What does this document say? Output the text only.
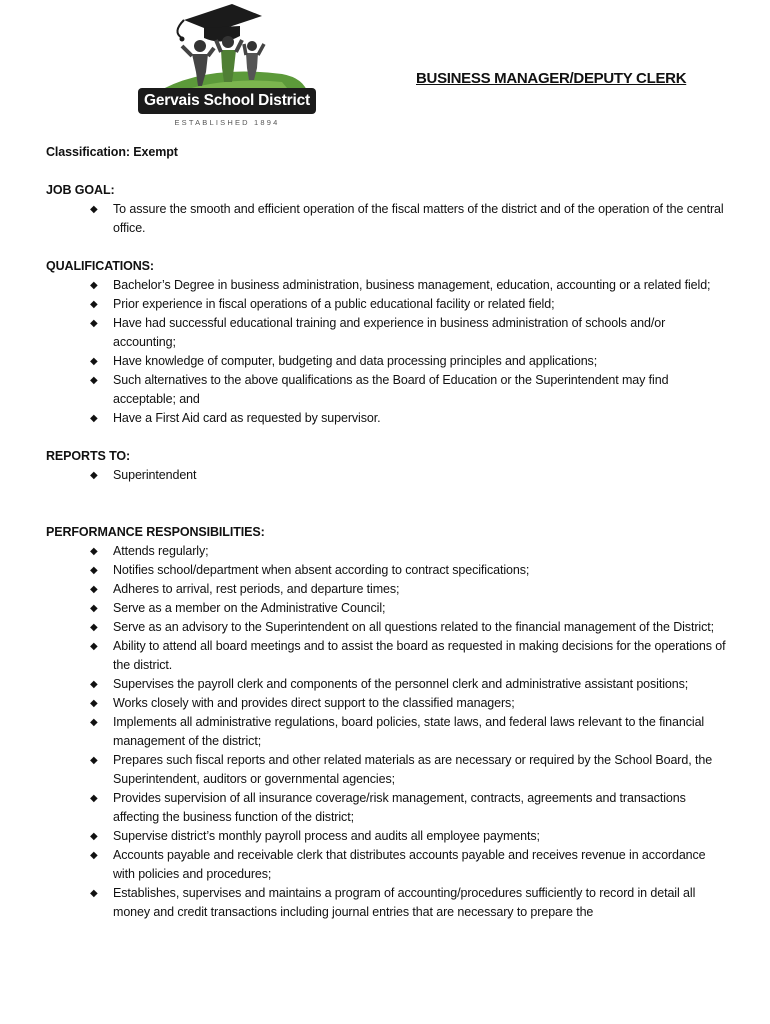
Gervais School District
ESTABLISHED 1894
BUSINESS MANAGER/DEPUTY CLERK

Classification: Exempt

JOB GOAL:

◆ To assure the smooth and efficient operation of the fiscal matters of the district and of the operation of the central office.

QUALIFICATIONS:

◆ Bachelor’s Degree in business administration, business management, education, accounting or a related field;
◆ Prior experience in fiscal operations of a public educational facility or related field;
◆ Have had successful educational training and experience in business administration of schools and/or accounting;
◆ Have knowledge of computer, budgeting and data processing principles and applications;
◆ Such alternatives to the above qualifications as the Board of Education or the Superintendent may find acceptable; and
◆ Have a First Aid card as requested by supervisor.

REPORTS TO:

◆ Superintendent

PERFORMANCE RESPONSIBILITIES:

◆ Attends regularly;
◆ Notifies school/department when absent according to contract specifications;
◆ Adheres to arrival, rest periods, and departure times;
◆ Serve as a member on the Administrative Council;
◆ Serve as an advisory to the Superintendent on all questions related to the financial management of the District;
◆ Ability to attend all board meetings and to assist the board as requested in making decisions for the operations of the district.
◆ Supervises the payroll clerk and components of the personnel clerk and administrative assistant positions;
◆ Works closely with and provides direct support to the classified managers;
◆ Implements all administrative regulations, board policies, state laws, and federal laws relevant to the financial management of the district;
◆ Prepares such fiscal reports and other related materials as are necessary or required by the School Board, the Superintendent, auditors or governmental agencies;
◆ Provides supervision of all insurance coverage/risk management, contracts, agreements and transactions affecting the business function of the district;
◆ Supervise district’s monthly payroll process and audits all employee payments;
◆ Accounts payable and receivable clerk that distributes accounts payable and receives revenue in accordance with policies and procedures;
◆ Establishes, supervises and maintains a program of accounting/procedures sufficiently to record in detail all money and credit transactions including journal entries that are necessary to prepare the
